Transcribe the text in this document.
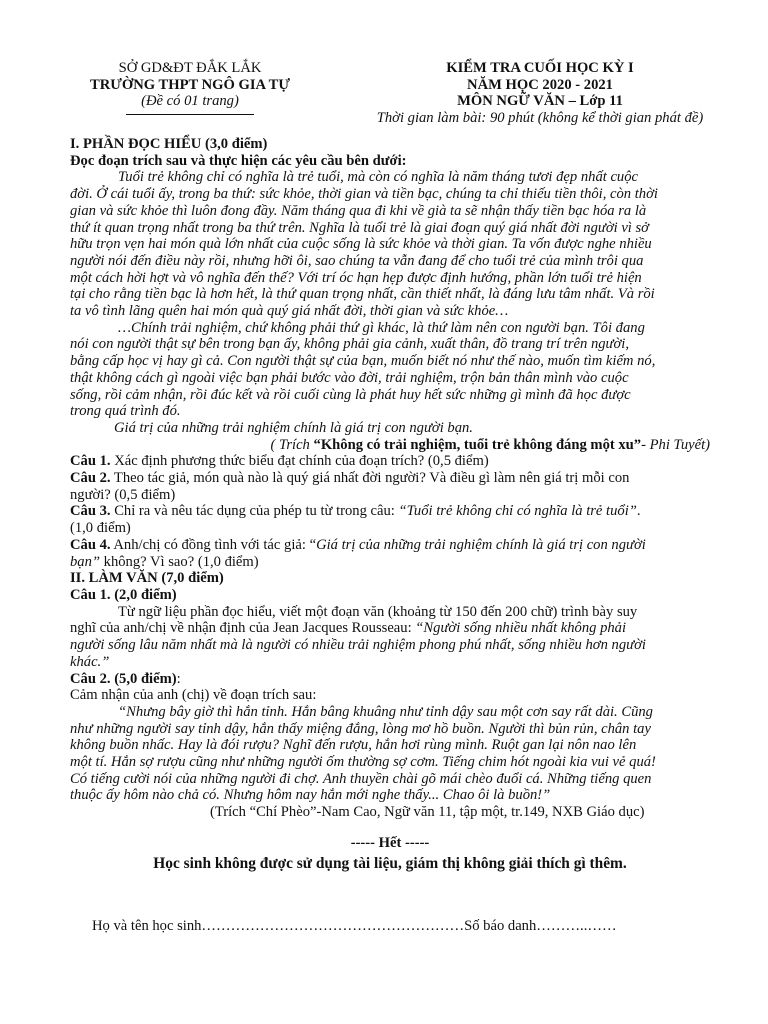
SỞ GD&ĐT ĐẮK LẮK
TRƯỜNG THPT NGÔ GIA TỰ
(Đề có 01 trang)
KIỂM TRA CUỐI HỌC KỲ I
NĂM HỌC 2020 - 2021
MÔN NGỮ VĂN – Lớp 11
Thời gian làm bài: 90 phút (không kể thời gian phát đề)
I. PHẦN ĐỌC HIỂU (3,0 điểm)
Đọc đoạn trích sau và thực hiện các yêu cầu bên dưới:
Tuổi trẻ không chỉ có nghĩa là trẻ tuổi, mà còn có nghĩa là năm tháng tươi đẹp nhất cuộc
đời. Ở cái tuổi ấy, trong ba thứ: sức khỏe, thời gian và tiền bạc, chúng ta chỉ thiếu tiền thôi, còn thời
gian và sức khỏe thì luôn đong đầy. Năm tháng qua đi khi về già ta sẽ nhận thấy tiền bạc hóa ra là
thứ ít quan trọng nhất trong ba thứ trên. Nghĩa là tuổi trẻ là giai đoạn quý giá nhất đời người vì sở
hữu trọn vẹn hai món quà lớn nhất của cuộc sống là sức khỏe và thời gian. Ta vốn được nghe nhiều
người nói đến điều này rồi, nhưng hỡi ôi, sao chúng ta vẫn đang để cho tuổi trẻ của mình trôi qua
một cách hời hợt và vô nghĩa đến thế? Với trí óc hạn hẹp được định hướng, phần lớn tuổi trẻ hiện
tại cho rằng tiền bạc là hơn hết, là thứ quan trọng nhất, cần thiết nhất, là đáng lưu tâm nhất. Và rồi
ta vô tình lãng quên hai món quà quý giá nhất đời, thời gian và sức khỏe…
…Chính trải nghiệm, chứ không phải thứ gì khác, là thứ làm nên con người bạn. Tôi đang
nói con người thật sự bên trong bạn ấy, không phải gia cảnh, xuất thân, đồ trang trí trên người,
bằng cấp học vị hay gì cả. Con người thật sự của bạn, muốn biết nó như thế nào, muốn tìm kiếm nó,
thật không cách gì ngoài việc bạn phải bước vào đời, trải nghiệm, trộn bản thân mình vào cuộc
sống, rồi cảm nhận, rồi đúc kết và rồi cuối cùng là phát huy hết sức những gì mình đã học được
trong quá trình đó.
Giá trị của những trải nghiệm chính là giá trị con người bạn.
( Trích “Không có trải nghiệm, tuổi trẻ không đáng một xu”- Phi Tuyết)
Câu 1. Xác định phương thức biểu đạt chính của đoạn trích? (0,5 điểm)
Câu 2. Theo tác giả, món quà nào là quý giá nhất đời người? Và điều gì làm nên giá trị mỗi con
người? (0,5 điểm)
Câu 3. Chỉ ra và nêu tác dụng của phép tu từ trong câu: “Tuổi trẻ không chỉ có nghĩa là trẻ tuổi”.
(1,0 điểm)
Câu 4. Anh/chị có đồng tình với tác giả: “Giá trị của những trải nghiệm chính là giá trị con người
bạn” không? Vì sao? (1,0 điểm)
II. LÀM VĂN (7,0 điểm)
Câu 1. (2,0 điểm)
Từ ngữ liệu phần đọc hiểu, viết một đoạn văn (khoảng từ 150 đến 200 chữ) trình bày suy
nghĩ của anh/chị về nhận định của Jean Jacques Rousseau: “Người sống nhiều nhất không phải
người sống lâu năm nhất mà là người có nhiều trải nghiệm phong phú nhất, sống nhiều hơn người
khác.”
Câu 2. (5,0 điểm):
Cảm nhận của anh (chị) về đoạn trích sau:
“Nhưng bây giờ thì hắn tỉnh. Hắn bâng khuâng như tỉnh dậy sau một cơn say rất dài. Cũng
như những người say tỉnh dậy, hắn thấy miệng đắng, lòng mơ hồ buồn. Người thì bủn rủn, chân tay
không buồn nhấc. Hay là đói rượu? Nghĩ đến rượu, hắn hơi rùng mình. Ruột gan lại nôn nao lên
một tí. Hắn sợ rượu cũng như những người ốm thường sợ cơm. Tiếng chim hót ngoài kia vui vẻ quá!
Có tiếng cười nói của những người đi chợ. Anh thuyền chài gõ mái chèo đuổi cá. Những tiếng quen
thuộc ấy hôm nào chả có. Nhưng hôm nay hắn mới nghe thấy... Chao ôi là buồn!”
(Trích “Chí Phèo”-Nam Cao, Ngữ văn 11, tập một, tr.149, NXB Giáo dục)
----- Hết -----
Học sinh không được sử dụng tài liệu, giám thị không giải thích gì thêm.
Họ và tên học sinh………………………………………………Số báo danh………..……
